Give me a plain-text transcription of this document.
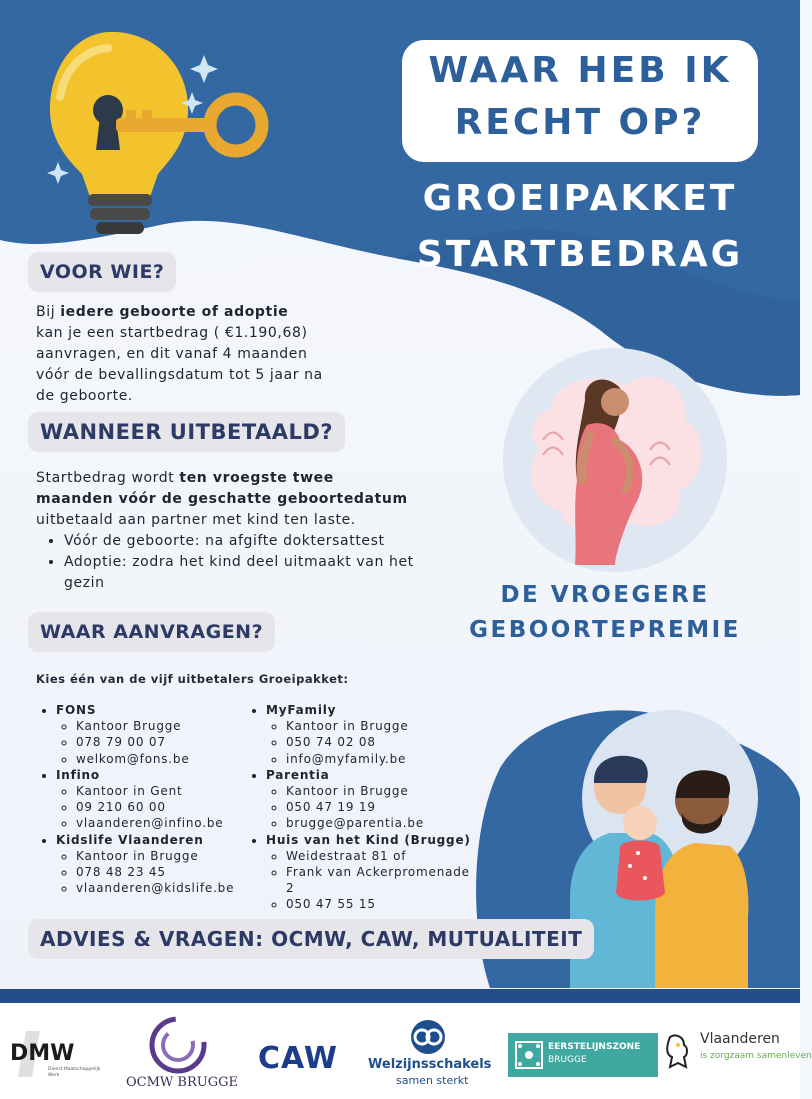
WAAR HEB IK
RECHT OP?
GROEIPAKKET
STARTBEDRAG
VOOR WIE?
Bij iedere geboorte of adoptie
kan je een startbedrag ( €1.190,68)
aanvragen, en dit vanaf 4 maanden
vóór de bevallingsdatum tot 5 jaar na
de geboorte.
WANNEER UITBETAALD?
Startbedrag wordt ten vroegste twee
maanden vóór de geschatte geboortedatum
uitbetaald aan partner met kind ten laste.
• Vóór de geboorte: na afgifte doktersattest
• Adoptie: zodra het kind deel uitmaakt van het gezin
WAAR AANVRAGEN?
Kies één van de vijf uitbetalers Groeipakket:
• FONS
◦ Kantoor Brugge
◦ 078 79 00 07
◦ welkom@fons.be
• Infino
◦ Kantoor in Gent
◦ 09 210 60 00
◦ vlaanderen@infino.be
• Kidslife Vlaanderen
◦ Kantoor in Brugge
◦ 078 48 23 45
◦ vlaanderen@kidslife.be
• MyFamily
◦ Kantoor in Brugge
◦ 050 74 02 08
◦ info@myfamily.be
• Parentia
◦ Kantoor in Brugge
◦ 050 47 19 19
◦ brugge@parentia.be
• Huis van het Kind (Brugge)
◦ Weidestraat 81 of
◦ Frank van Ackerpromenade 2
◦ 050 47 55 15
DE VROEGERE
GEBOORTEPREMIE
ADVIES & VRAGEN: OCMW, CAW, MUTUALITEIT
DMW
Dienst Maatschappelijk
Werk	OCMW BRUGGE
CAW Welzijnsschakels
samen sterkt
EERSTELIJNSZONE
BRUGGE
Vlaanderen
is zorgzaam samenleven
